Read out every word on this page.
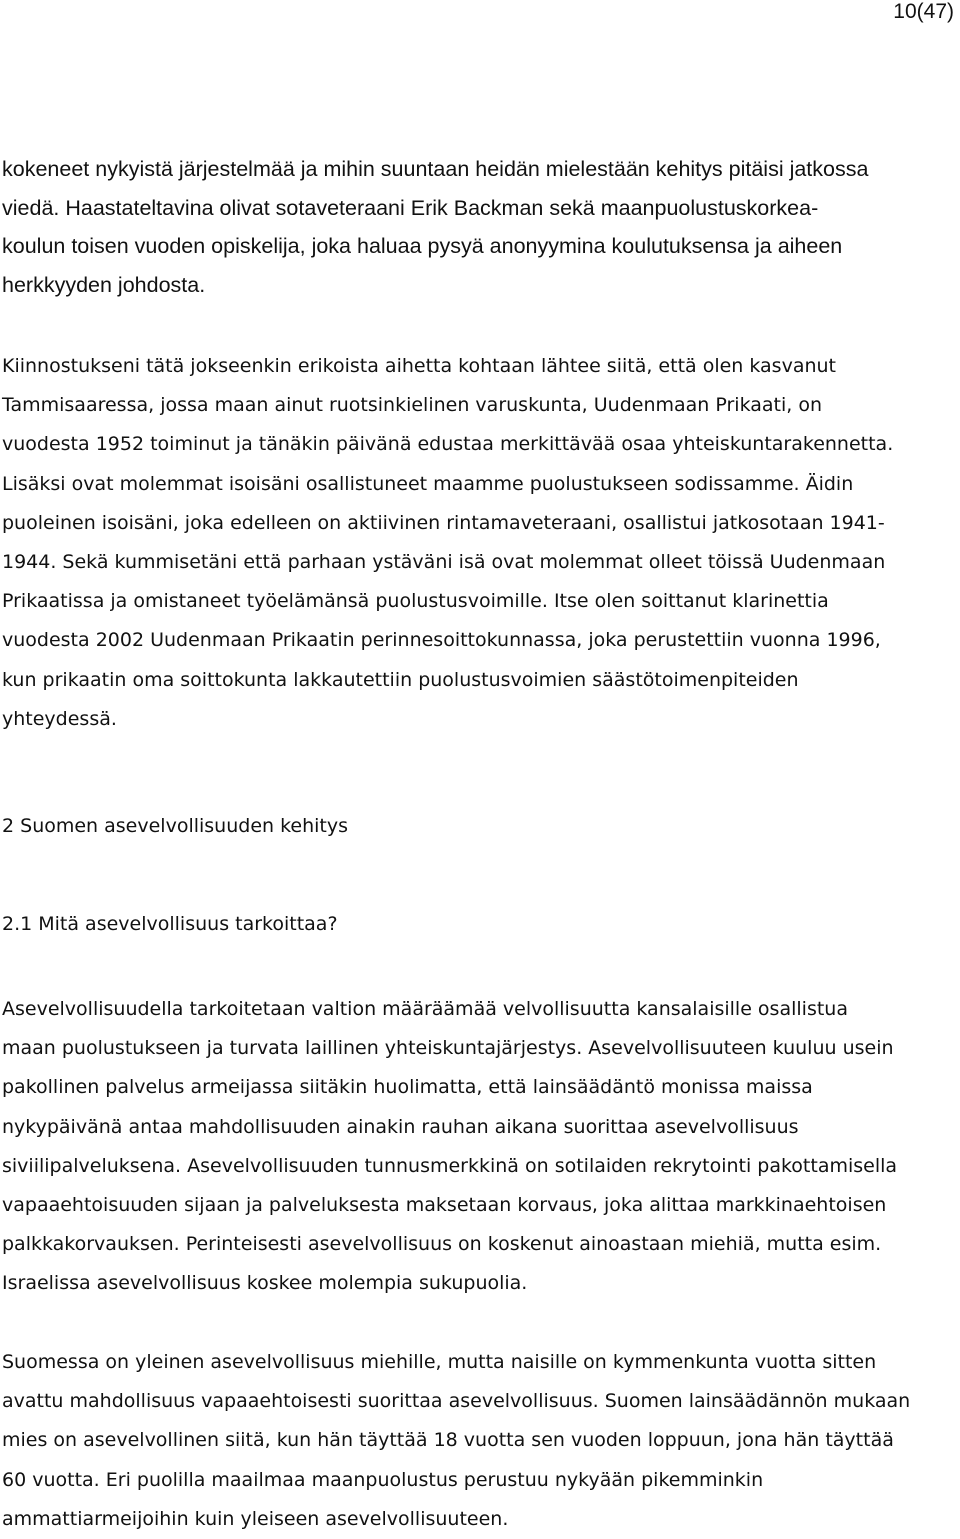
10(47)

kokeneet nykyistä järjestelmää ja mihin suuntaan heidän mielestään kehitys pitäisi jatkossa
viedä. Haastateltavina olivat sotaveteraani Erik Backman sekä maanpuolustuskorkea-
koulun toisen vuoden opiskelija, joka haluaa pysyä anonyymina koulutuksensa ja aiheen
herkkyyden johdosta.

Kiinnostukseni tätä jokseenkin erikoista aihetta kohtaan lähtee siitä, että olen kasvanut
Tammisaaressa, jossa maan ainut ruotsinkielinen varuskunta, Uudenmaan Prikaati, on
vuodesta 1952 toiminut ja tänäkin päivänä edustaa merkittävää osaa yhteiskuntarakennetta.
Lisäksi ovat molemmat isoisäni osallistuneet maamme puolustukseen sodissamme. Äidin
puoleinen isoisäni, joka edelleen on aktiivinen rintamaveteraani, osallistui jatkosotaan 1941-
1944. Sekä kummisetäni että parhaan ystäväni isä ovat molemmat olleet töissä Uudenmaan
Prikaatissa ja omistaneet työelämänsä puolustusvoimille. Itse olen soittanut klarinettia
vuodesta 2002 Uudenmaan Prikaatin perinnesoittokunnassa, joka perustettiin vuonna 1996,
kun prikaatin oma soittokunta lakkautettiin puolustusvoimien säästötoimenpiteiden
yhteydessä.

2 Suomen asevelvollisuuden kehitys
2.1 Mitä asevelvollisuus tarkoittaa?

Asevelvollisuudella tarkoitetaan valtion määräämää velvollisuutta kansalaisille osallistua
maan puolustukseen ja turvata laillinen yhteiskuntajärjestys. Asevelvollisuuteen kuuluu usein
pakollinen palvelus armeijassa siitäkin huolimatta, että lainsäädäntö monissa maissa
nykypäivänä antaa mahdollisuuden ainakin rauhan aikana suorittaa asevelvollisuus
siviilipalveluksena. Asevelvollisuuden tunnusmerkkinä on sotilaiden rekrytointi pakottamisella
vapaaehtoisuuden sijaan ja palveluksesta maksetaan korvaus, joka alittaa markkinaehtoisen
palkkakorvauksen. Perinteisesti asevelvollisuus on koskenut ainoastaan miehiä, mutta esim.
Israelissa asevelvollisuus koskee molempia sukupuolia.

Suomessa on yleinen asevelvollisuus miehille, mutta naisille on kymmenkunta vuotta sitten
avattu mahdollisuus vapaaehtoisesti suorittaa asevelvollisuus. Suomen lainsäädännön mukaan
mies on asevelvollinen siitä, kun hän täyttää 18 vuotta sen vuoden loppuun, jona hän täyttää
60 vuotta. Eri puolilla maailmaa maanpuolustus perustuu nykyään pikemminkin
ammattiarmeijoihin kuin yleiseen asevelvollisuuteen.
